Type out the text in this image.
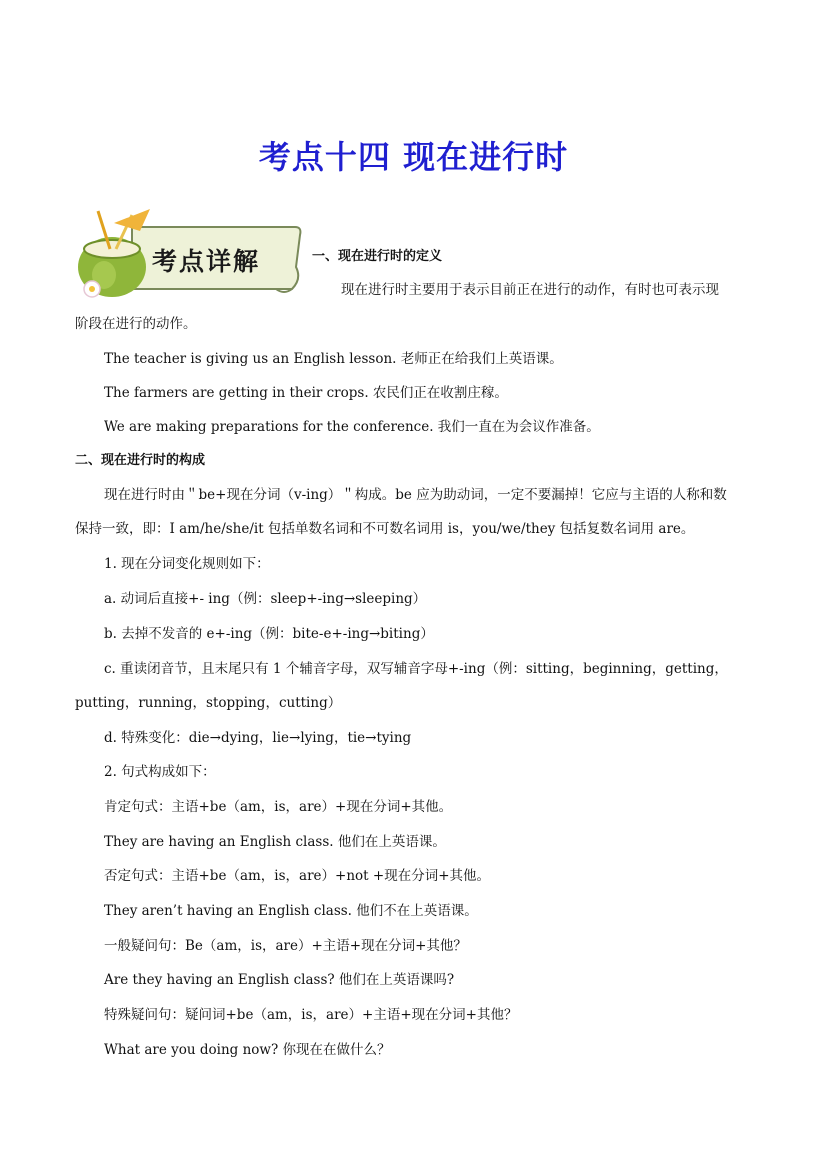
考点十四 现在进行时
考点详解	一、现在进行时的定义
现在进行时主要用于表示目前正在进行的动作，有时也可表示现
阶段在进行的动作。
The teacher is giving us an English lesson. 老师正在给我们上英语课。
The farmers are getting in their crops. 农民们正在收割庄稼。
We are making preparations for the conference. 我们一直在为会议作准备。
二、现在进行时的构成
现在进行时由＂be+现在分词（v-ing）＂构成。be 应为助动词，一定不要漏掉！它应与主语的人称和数
保持一致，即：I am/he/she/it 包括单数名词和不可数名词用 is，you/we/they 包括复数名词用 are。
1. 现在分词变化规则如下：
a. 动词后直接+- ing（例：sleep+-ing→sleeping）
b. 去掉不发音的 e+-ing（例：bite-e+-ing→biting）
c. 重读闭音节，且末尾只有 1 个辅音字母，双写辅音字母+-ing（例：sitting，beginning，getting，
putting，running，stopping，cutting）
d. 特殊变化：die→dying，lie→lying，tie→tying
2. 句式构成如下：
肯定句式：主语+be（am，is，are）+现在分词+其他。
They are having an English class. 他们在上英语课。
否定句式：主语+be（am，is，are）+not +现在分词+其他。
They aren’t having an English class. 他们不在上英语课。
一般疑问句：Be（am，is，are）+主语+现在分词+其他？
Are they having an English class? 他们在上英语课吗?
特殊疑问句：疑问词+be（am，is，are）+主语+现在分词+其他？
What are you doing now? 你现在在做什么？
